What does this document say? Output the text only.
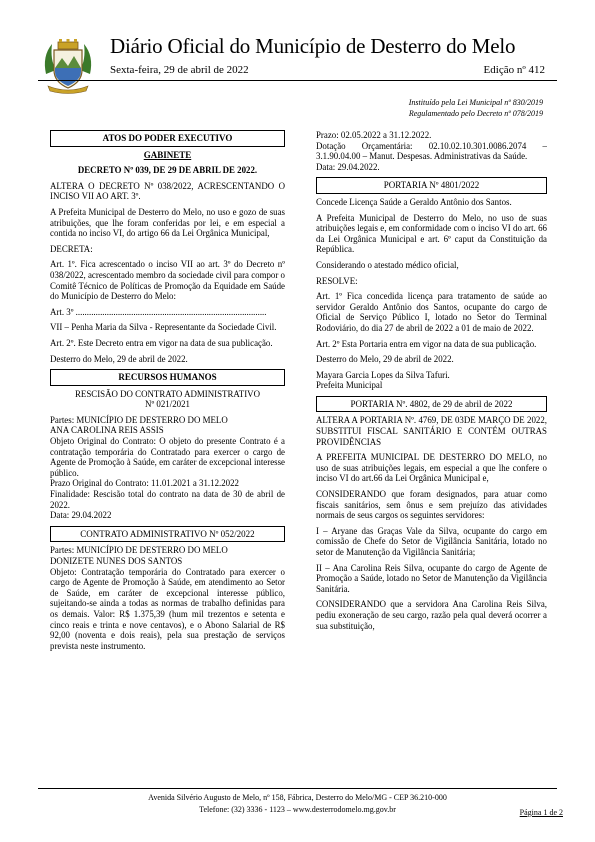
Diário Oficial do Município de Desterro do Melo
Sexta-feira, 29 de abril de 2022	Edição nº 412
Instituído pela Lei Municipal nº 830/2019
Regulamentado pelo Decreto nº 078/2019
ATOS DO PODER EXECUTIVO
GABINETE

DECRETO Nº 039, DE 29 DE ABRIL DE 2022.

ALTERA O DECRETO Nº 038/2022, ACRESCENTANDO O INCISO VII AO ART. 3º.

A Prefeita Municipal de Desterro do Melo, no uso e gozo de suas atribuições, que lhe foram conferidas por lei, e em especial a contida no inciso VI, do artigo 66 da Lei Orgânica Municipal,

DECRETA:

Art. 1º. Fica acrescentado o inciso VII ao art. 3º do Decreto nº 038/2022, acrescentado membro da sociedade civil para compor o Comitê Técnico de Políticas de Promoção da Equidade em Saúde do Município de Desterro do Melo:

Art. 3º ......................................................................................

VII – Penha Maria da Silva - Representante da Sociedade Civil.

Art. 2º. Este Decreto entra em vigor na data de sua publicação.

Desterro do Melo, 29 de abril de 2022.

RECURSOS HUMANOS

RESCISÃO DO CONTRATO ADMINISTRATIVO

Nº 021/2021

Partes: MUNICÍPIO DE DESTERRO DO MELO

ANA CAROLINA REIS ASSIS

Objeto Original do Contrato: O objeto do presente Contrato é a contratação temporária do Contratado para exercer o cargo de Agente de Promoção à Saúde, em caráter de excepcional interesse público.

Prazo Original do Contrato: 11.01.2021 a 31.12.2022

Finalidade: Rescisão total do contrato na data de 30 de abril de 2022.

Data: 29.04.2022

CONTRATO ADMINISTRATIVO Nº 052/2022

Partes: MUNICÍPIO DE DESTERRO DO MELO

DONIZETE NUNES DOS SANTOS

Objeto: Contratação temporária do Contratado para exercer o cargo de Agente de Promoção à Saúde, em atendimento ao Setor de Saúde, em caráter de excepcional interesse público, sujeitando-se ainda a todas as normas de trabalho definidas para os demais. Valor: R$ 1.375,39 (hum mil trezentos e setenta e cinco reais e trinta e nove centavos), e o Abono Salarial de R$ 92,00 (noventa e dois reais), pela sua prestação de serviços prevista neste instrumento.

Prazo: 02.05.2022 a 31.12.2022.

Dotação Orçamentária: 02.10.02.10.301.0086.2074 – 3.1.90.04.00 – Manut. Despesas. Administrativas da Saúde.

Data: 29.04.2022.

PORTARIA Nº 4801/2022

Concede Licença Saúde a Geraldo Antônio dos Santos.

A Prefeita Municipal de Desterro do Melo, no uso de suas atribuições legais e, em conformidade com o inciso VI do art. 66 da Lei Orgânica Municipal e art. 6º caput da Constituição da República.

Considerando o atestado médico oficial,

RESOLVE:

Art. 1º Fica concedida licença para tratamento de saúde ao servidor Geraldo Antônio dos Santos, ocupante do cargo de Oficial de Serviço Público I, lotado no Setor do Terminal Rodoviário, do dia 27 de abril de 2022 a 01 de maio de 2022.

Art. 2º Esta Portaria entra em vigor na data de sua publicação.

Desterro do Melo, 29 de abril de 2022.

Mayara Garcia Lopes da Silva Tafuri.

Prefeita Municipal

PORTARIA Nº. 4802, de 29 de abril de 2022

ALTERA A PORTARIA Nº. 4769, DE 03DE MARÇO DE 2022, SUBSTITUI FISCAL SANITÁRIO E CONTÉM OUTRAS PROVIDÊNCIAS

A PREFEITA MUNICIPAL DE DESTERRO DO MELO, no uso de suas atribuições legais, em especial a que lhe confere o inciso VI do art.66 da Lei Orgânica Municipal e,

CONSIDERANDO que foram designados, para atuar como fiscais sanitários, sem ônus e sem prejuízo das atividades normais de seus cargos os seguintes servidores:

I – Aryane das Graças Vale da Silva, ocupante do cargo em comissão de Chefe do Setor de Vigilância Sanitária, lotado no setor de Manutenção da Vigilância Sanitária;

II – Ana Carolina Reis Silva, ocupante do cargo de Agente de Promoção a Saúde, lotado no Setor de Manutenção da Vigilância Sanitária.

CONSIDERANDO que a servidora Ana Carolina Reis Silva, pediu exoneração de seu cargo, razão pela qual deverá ocorrer a sua substituição,

Avenida Silvério Augusto de Melo, nº 158, Fábrica, Desterro do Melo/MG - CEP 36.210-000
Telefone: (32) 3336 - 1123 – www.desterrodomelo.mg.gov.br	Página 1 de 2
